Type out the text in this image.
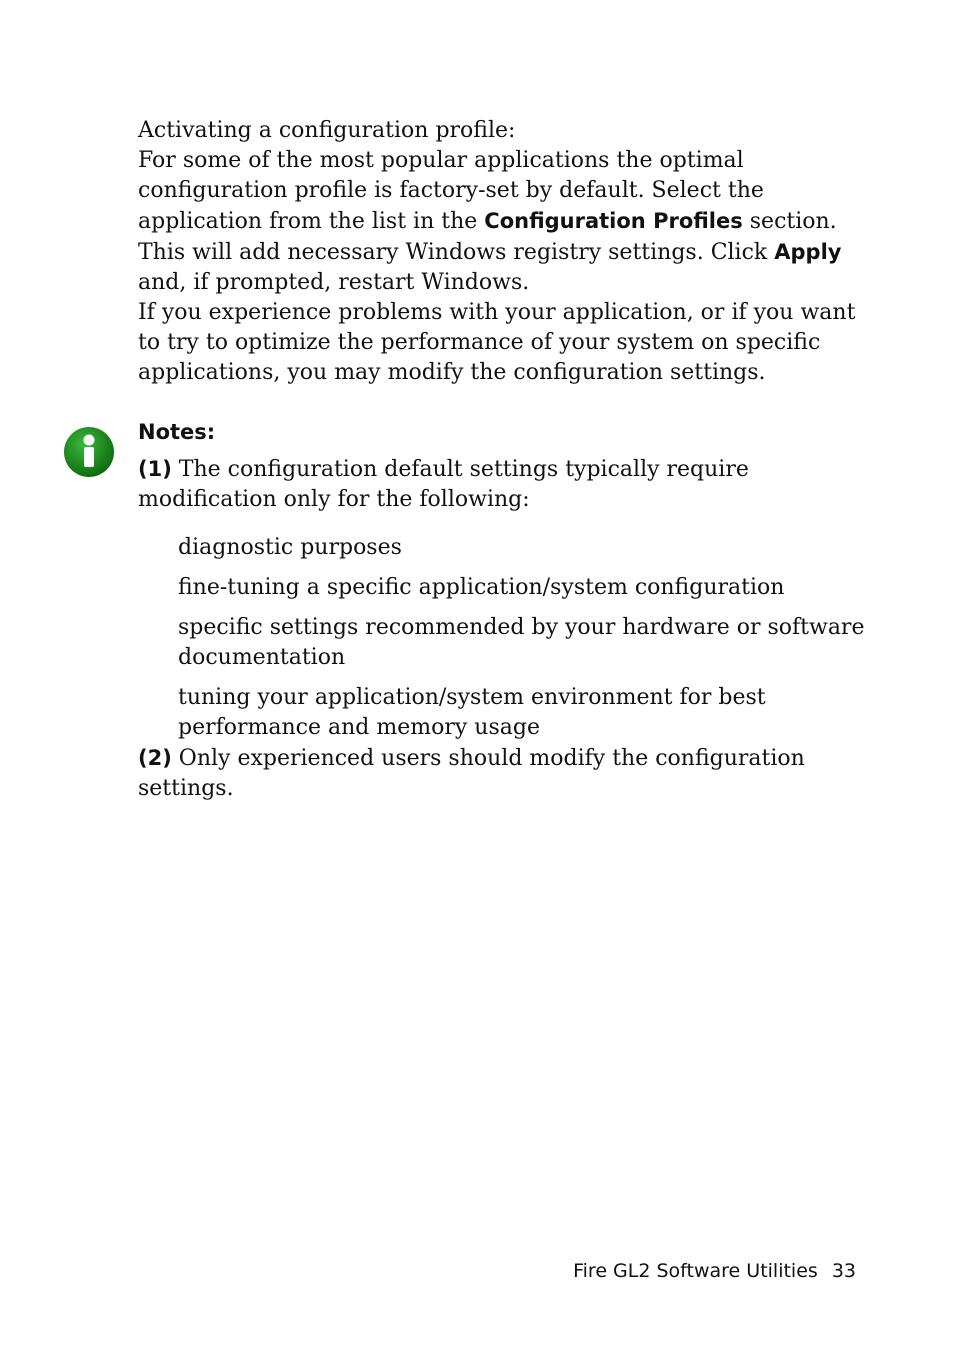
Activating a configuration profile:

For some of the most popular applications the optimal configuration profile is factory-set by default. Select the application from the list in the Configuration Profiles section. This will add necessary Windows registry settings. Click Apply and, if prompted, restart Windows.

If you experience problems with your application, or if you want to try to optimize the performance of your system on specific applications, you may modify the configuration settings.

Notes:

(1) The configuration default settings typically require modification only for the following:

diagnostic purposes
fine-tuning a specific application/system configuration
specific settings recommended by your hardware or software documentation
tuning your application/system environment for best performance and memory usage

(2) Only experienced users should modify the configuration settings.

Fire GL2 Software Utilities 33
